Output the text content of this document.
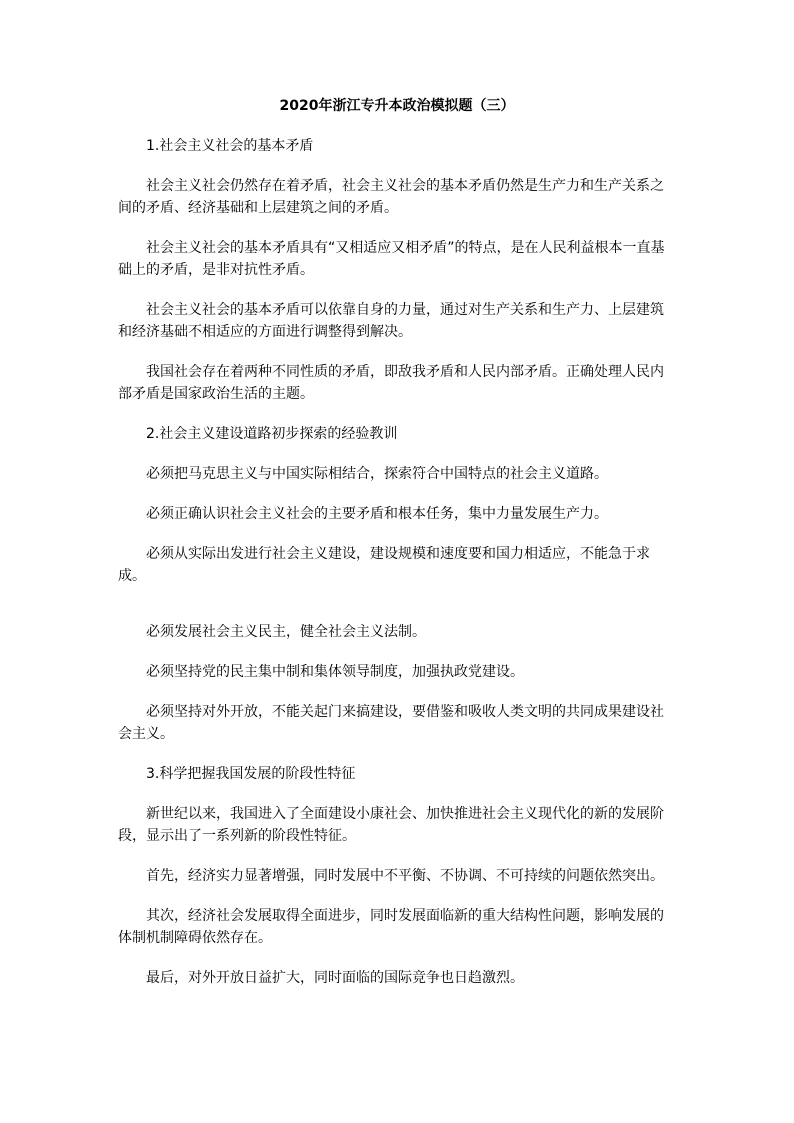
2020年浙江专升本政治模拟题（三）
1.社会主义社会的基本矛盾
社会主义社会仍然存在着矛盾，社会主义社会的基本矛盾仍然是生产力和生产关系之间的矛盾、经济基础和上层建筑之间的矛盾。
社会主义社会的基本矛盾具有“又相适应又相矛盾”的特点，是在人民利益根本一直基础上的矛盾，是非对抗性矛盾。
社会主义社会的基本矛盾可以依靠自身的力量，通过对生产关系和生产力、上层建筑和经济基础不相适应的方面进行调整得到解决。
我国社会存在着两种不同性质的矛盾，即敌我矛盾和人民内部矛盾。正确处理人民内部矛盾是国家政治生活的主题。
2.社会主义建设道路初步探索的经验教训
必须把马克思主义与中国实际相结合，探索符合中国特点的社会主义道路。
必须正确认识社会主义社会的主要矛盾和根本任务，集中力量发展生产力。
必须从实际出发进行社会主义建设，建设规模和速度要和国力相适应，不能急于求成。
必须发展社会主义民主，健全社会主义法制。
必须坚持党的民主集中制和集体领导制度，加强执政党建设。
必须坚持对外开放，不能关起门来搞建设，要借鉴和吸收人类文明的共同成果建设社会主义。
3.科学把握我国发展的阶段性特征
新世纪以来，我国进入了全面建设小康社会、加快推进社会主义现代化的新的发展阶段，显示出了一系列新的阶段性特征。
首先，经济实力显著增强，同时发展中不平衡、不协调、不可持续的问题依然突出。
其次，经济社会发展取得全面进步，同时发展面临新的重大结构性问题，影响发展的体制机制障碍依然存在。
最后，对外开放日益扩大，同时面临的国际竞争也日趋激烈。
